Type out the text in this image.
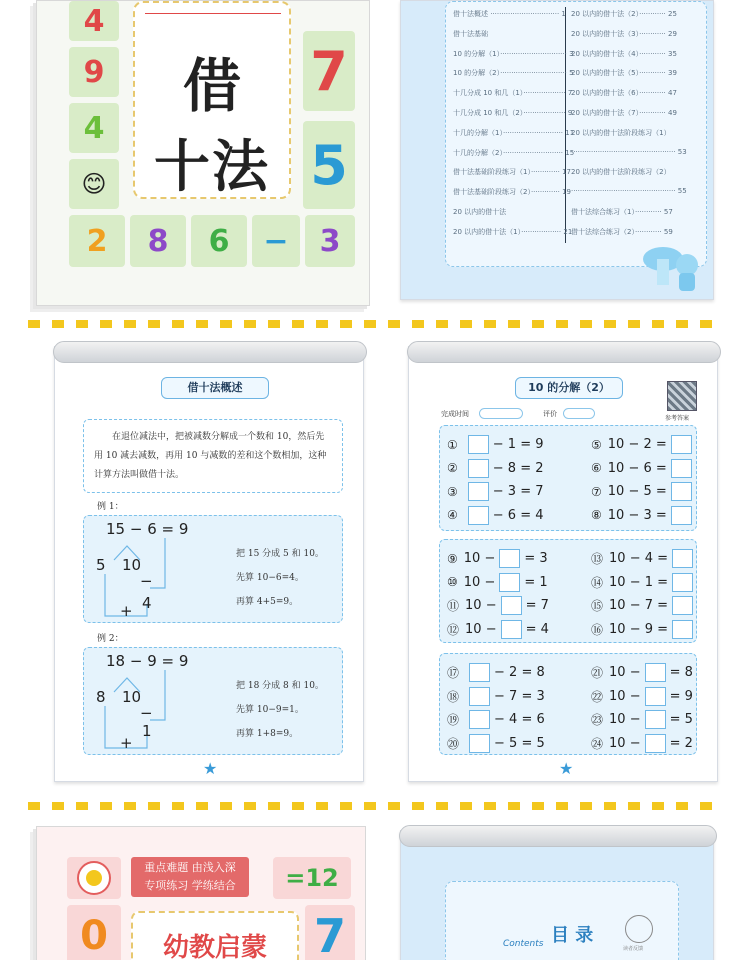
4
9
4
😊
2	8	6	−	3
7
5
借
十法
借十法概述 ······························· 1
借十法基础
10 的分解（1）······························ 3
10 的分解（2）······························ 5
十几分成 10 和几（1）··················· 7
十几分成 10 和几（2）··················· 9
十几的分解（1）··························· 11
十几的分解（2）··························· 15
借十法基础阶段练习（1）············· 17
借十法基础阶段练习（2）············· 19
20 以内的借十法
20 以内的借十法（1）·················· 21
20 以内的借十法（2）············ 25
20 以内的借十法（3）············ 29
20 以内的借十法（4）············ 35
20 以内的借十法（5）············ 39
20 以内的借十法（6）············ 47
20 以内的借十法（7）············ 49
20 以内的借十法阶段练习（1）
··············································· 53
20 以内的借十法阶段练习（2）
··············································· 55
借十法综合练习（1）············ 57
借十法综合练习（2）············ 59
借十法概述
在退位减法中，把被减数分解成一个数和 10，然后先用 10 减去减数，再用 10 与减数的差和这个数相加，这种计算方法叫做借十法。
例 1：
15 − 6 = 9
5 10
−
4
+
把 15 分成 5 和 10。
先算 10−6=4。
再算 4+5=9。
例 2：
18 − 9 = 9
8 10
−
1
+
把 18 分成 8 和 10。
先算 10−9=1。
再算 1+8=9。
★
10 的分解（2）
参考答案
完成时间	评价
①	− 1 = 9
②	− 8 = 2
③	− 3 = 7
④	− 6 = 4
⑤ 10 − 2 =
⑥ 10 − 6 =
⑦ 10 − 5 =
⑧ 10 − 3 =
⑨ 10 − = 3
⑩ 10 − = 1
⑪ 10 − = 7
⑫ 10 − = 4
⑬ 10 − 4 =
⑭ 10 − 1 =
⑮ 10 − 7 =
⑯ 10 − 9 =
⑰	− 2 = 8
⑱	− 7 = 3
⑲	− 4 = 6
⑳	− 5 = 5
㉑ 10 − = 8
㉒ 10 − = 9
㉓ 10 − = 5
㉔ 10 − = 2
★
重点难题 由浅入深
专项练习 学练结合	=12
0	幼教启蒙	7	目 录
Contents	读者反馈
